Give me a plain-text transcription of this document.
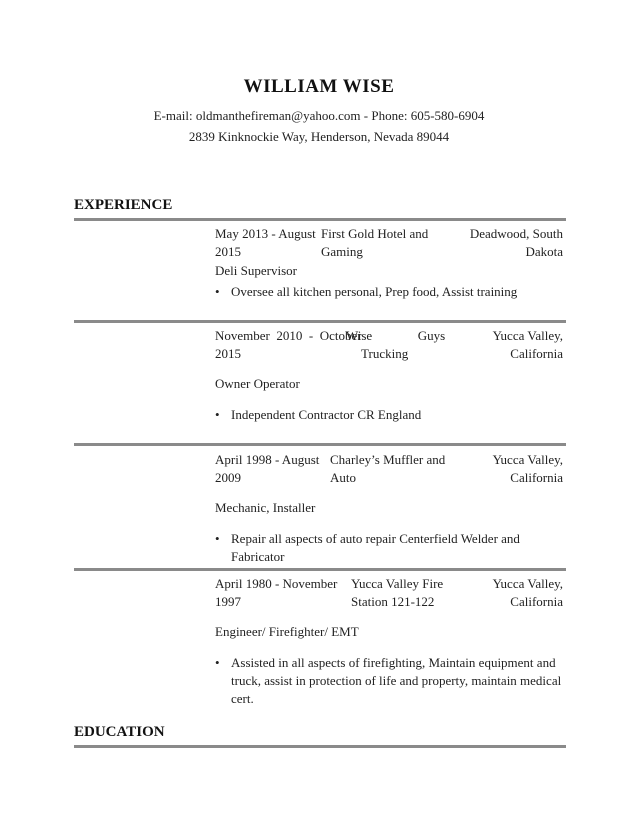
WILLIAM WISE
E-mail: oldmanthefireman@yahoo.com - Phone: 605-580-6904
2839 Kinknockie Way, Henderson, Nevada 89044
EXPERIENCE
May 2013 - August
2015
First Gold Hotel and
Gaming
Deadwood, South
Dakota
Deli Supervisor
• Oversee all kitchen personal, Prep food, Assist training
November  2010  -  October
2015
Wise              Guys
Trucking
Yucca Valley,
California
Owner Operator
• Independent Contractor CR England
April 1998 - August
2009
Charley’s Muffler and
Auto
Yucca Valley,
California
Mechanic, Installer
• Repair all aspects of auto repair Centerfield Welder and Fabricator
April 1980 - November
1997
Yucca Valley Fire
Station 121-122
Yucca Valley,
California
Engineer/ Firefighter/ EMT
• Assisted in all aspects of firefighting, Maintain equipment and truck, assist in protection of life and property, maintain medical cert.
EDUCATION
